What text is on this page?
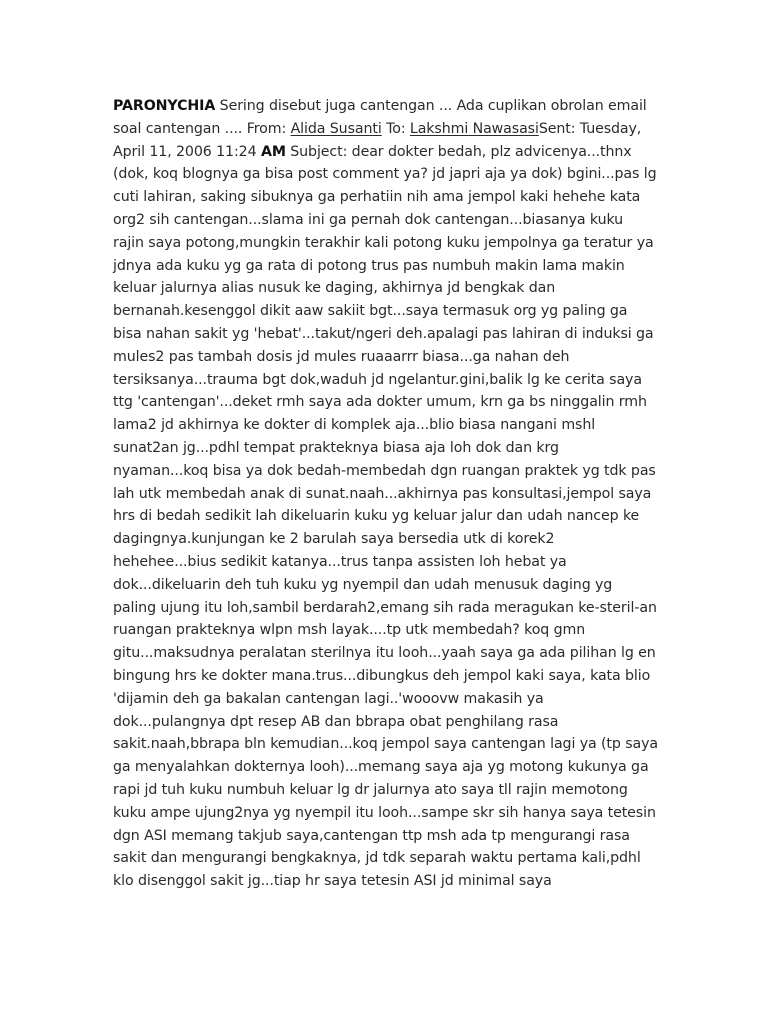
PARONYCHIA Sering disebut juga cantengan ... Ada cuplikan obrolan email soal cantengan .... From: Alida Susanti To: Lakshmi NawasasiSent: Tuesday, April 11, 2006 11:24 AM Subject: dear dokter bedah, plz advicenya...thnx (dok, koq blognya ga bisa post comment ya? jd japri aja ya dok) bgini...pas lg cuti lahiran, saking sibuknya ga perhatiin nih ama jempol kaki hehehe kata org2 sih cantengan...slama ini ga pernah dok cantengan...biasanya kuku rajin saya potong,mungkin terakhir kali potong kuku jempolnya ga teratur ya jdnya ada kuku yg ga rata di potong trus pas numbuh makin lama makin keluar jalurnya alias nusuk ke daging, akhirnya jd bengkak dan bernanah.kesenggol dikit aaw sakiit bgt...saya termasuk org yg paling ga bisa nahan sakit yg 'hebat'...takut/ngeri deh.apalagi pas lahiran di induksi ga mules2 pas tambah dosis jd mules ruaaarrr biasa...ga nahan deh tersiksanya...trauma bgt dok,waduh jd ngelantur.gini,balik lg ke cerita saya ttg 'cantengan'...deket rmh saya ada dokter umum, krn ga bs ninggalin rmh lama2 jd akhirnya ke dokter di komplek aja...blio biasa nangani mshl sunat2an jg...pdhl tempat prakteknya biasa aja loh dok dan krg nyaman...koq bisa ya dok bedah-membedah dgn ruangan praktek yg tdk pas lah utk membedah anak di sunat.naah...akhirnya pas konsultasi,jempol saya hrs di bedah sedikit lah dikeluarin kuku yg keluar jalur dan udah nancep ke dagingnya.kunjungan ke 2 barulah saya bersedia utk di korek2 hehehee...bius sedikit katanya...trus tanpa assisten loh hebat ya dok...dikeluarin deh tuh kuku yg nyempil dan udah menusuk daging yg paling ujung itu loh,sambil berdarah2,emang sih rada meragukan ke-steril-an ruangan prakteknya wlpn msh layak....tp utk membedah? koq gmn gitu...maksudnya peralatan sterilnya itu looh...yaah saya ga ada pilihan lg en bingung hrs ke dokter mana.trus...dibungkus deh jempol kaki saya, kata blio 'dijamin deh ga bakalan cantengan lagi..'wooovw makasih ya dok...pulangnya dpt resep AB dan bbrapa obat penghilang rasa sakit.naah,bbrapa bln kemudian...koq jempol saya cantengan lagi ya (tp saya ga menyalahkan dokternya looh)...memang saya aja yg motong kukunya ga rapi jd tuh kuku numbuh keluar lg dr jalurnya ato saya tll rajin memotong kuku ampe ujung2nya yg nyempil itu looh...sampe skr sih hanya saya tetesin dgn ASI memang takjub saya,cantengan ttp msh ada tp mengurangi rasa sakit dan mengurangi bengkaknya, jd tdk separah waktu pertama kali,pdhl klo disenggol sakit jg...tiap hr saya tetesin ASI jd minimal saya
